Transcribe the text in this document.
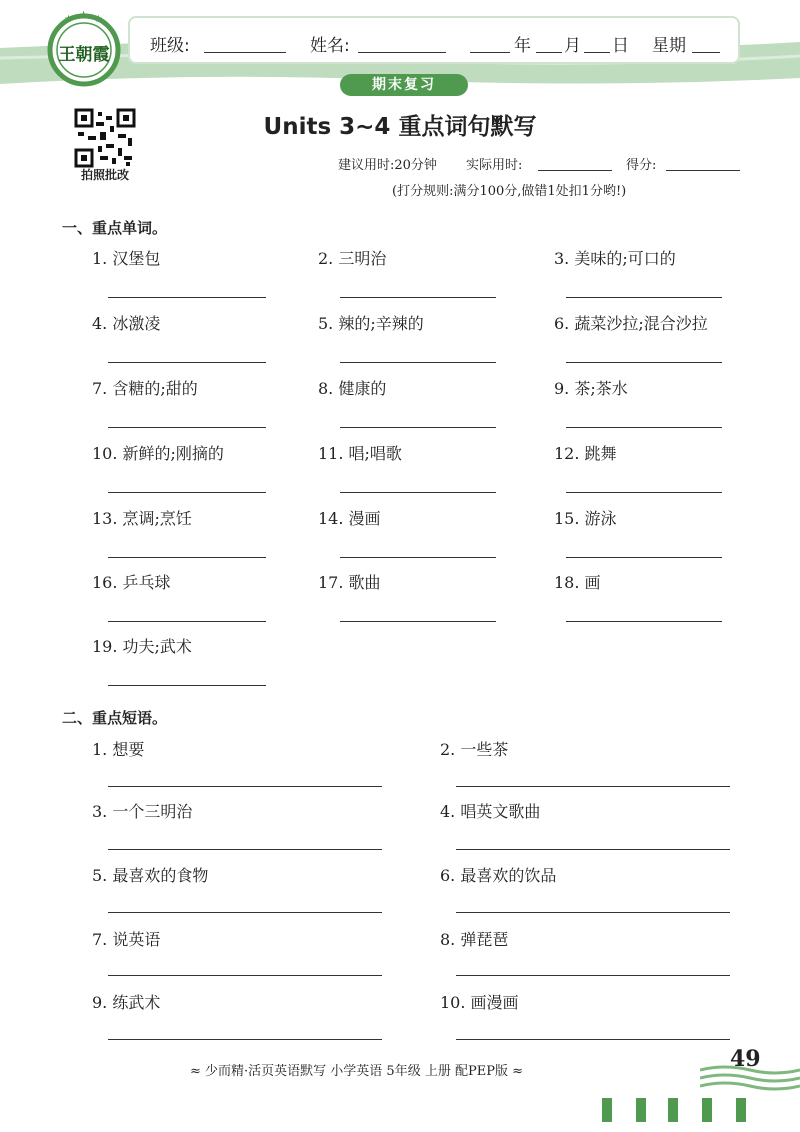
班级:	姓名:	年 月 日 星期
期末复习
★ ★ ★
王朝霞
拍照批改
Units 3~4 重点词句默写
建议用时:20分钟 实际用时:	得分:
(打分规则:满分100分,做错1处扣1分哟!)
一、重点单词。
1. 汉堡包	2. 三明治	3. 美味的;可口的
4. 冰激凌	5. 辣的;辛辣的	6. 蔬菜沙拉;混合沙拉
7. 含糖的;甜的	8. 健康的	9. 茶;茶水
10. 新鲜的;刚摘的	11. 唱;唱歌	12. 跳舞
13. 烹调;烹饪	14. 漫画	15. 游泳
16. 乒乓球	17. 歌曲	18. 画
19. 功夫;武术
二、重点短语。
1. 想要	2. 一些茶
3. 一个三明治	4. 唱英文歌曲
5. 最喜欢的食物	6. 最喜欢的饮品
7. 说英语	8. 弹琵琶
9. 练武术	10. 画漫画
≈ 少而精·活页英语默写 小学英语 5年级 上册 配PEP版 ≈	49
